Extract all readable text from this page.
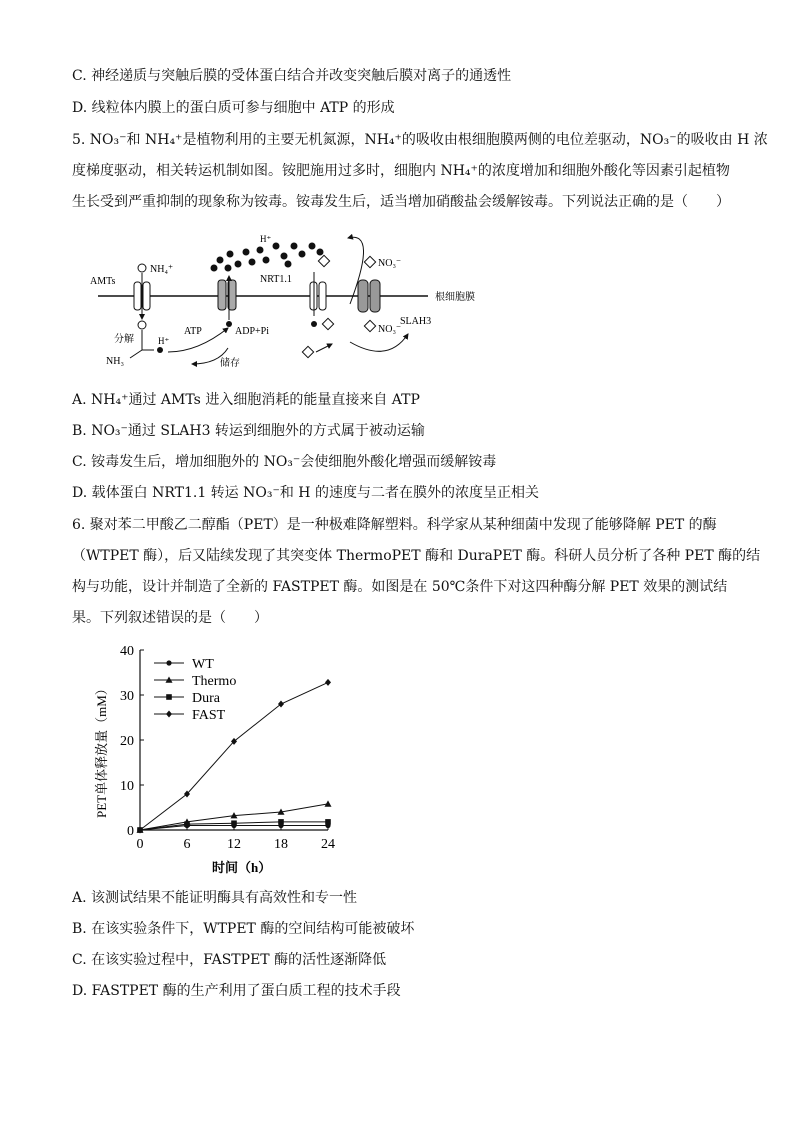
C. 神经递质与突触后膜的受体蛋白结合并改变突触后膜对离子的通透性
D. 线粒体内膜上的蛋白质可参与细胞中 ATP 的形成
5. NO₃⁻和 NH₄⁺是植物利用的主要无机氮源，NH₄⁺的吸收由根细胞膜两侧的电位差驱动，NO₃⁻的吸收由 H 浓
度梯度驱动，相关转运机制如图。铵肥施用过多时，细胞内 NH₄⁺的浓度增加和细胞外酸化等因素引起植物
生长受到严重抑制的现象称为铵毒。铵毒发生后，适当增加硝酸盐会缓解铵毒。下列说法正确的是（　　）
根细胞膜
AMTs
NH₄⁺
分解	H⁺
NH₃
ATP	ADP+Pi
储存
H⁺
NRT1.1
NO₃⁻
NO₃⁻
SLAH3
A. NH₄⁺通过 AMTs 进入细胞消耗的能量直接来自 ATP
B. NO₃⁻通过 SLAH3 转运到细胞外的方式属于被动运输
C. 铵毒发生后，增加细胞外的 NO₃⁻会使细胞外酸化增强而缓解铵毒
D. 载体蛋白 NRT1.1 转运 NO₃⁻和 H 的速度与二者在膜外的浓度呈正相关
6. 聚对苯二甲酸乙二醇酯（PET）是一种极难降解塑料。科学家从某种细菌中发现了能够降解 PET 的酶
（WTPET 酶），后又陆续发现了其突变体 ThermoPET 酶和 DuraPET 酶。科研人员分析了各种 PET 酶的结
构与功能，设计并制造了全新的 FASTPET 酶。如图是在 50℃条件下对这四种酶分解 PET 效果的测试结
果。下列叙述错误的是（　　）
PET单体释放量（mM）
时间（h）
0
10
20
30
40
0	6	12 18 24
WT
Thermo
Dura
FAST
A. 该测试结果不能证明酶具有高效性和专一性
B. 在该实验条件下，WTPET 酶的空间结构可能被破坏
C. 在该实验过程中，FASTPET 酶的活性逐渐降低
D. FASTPET 酶的生产利用了蛋白质工程的技术手段
